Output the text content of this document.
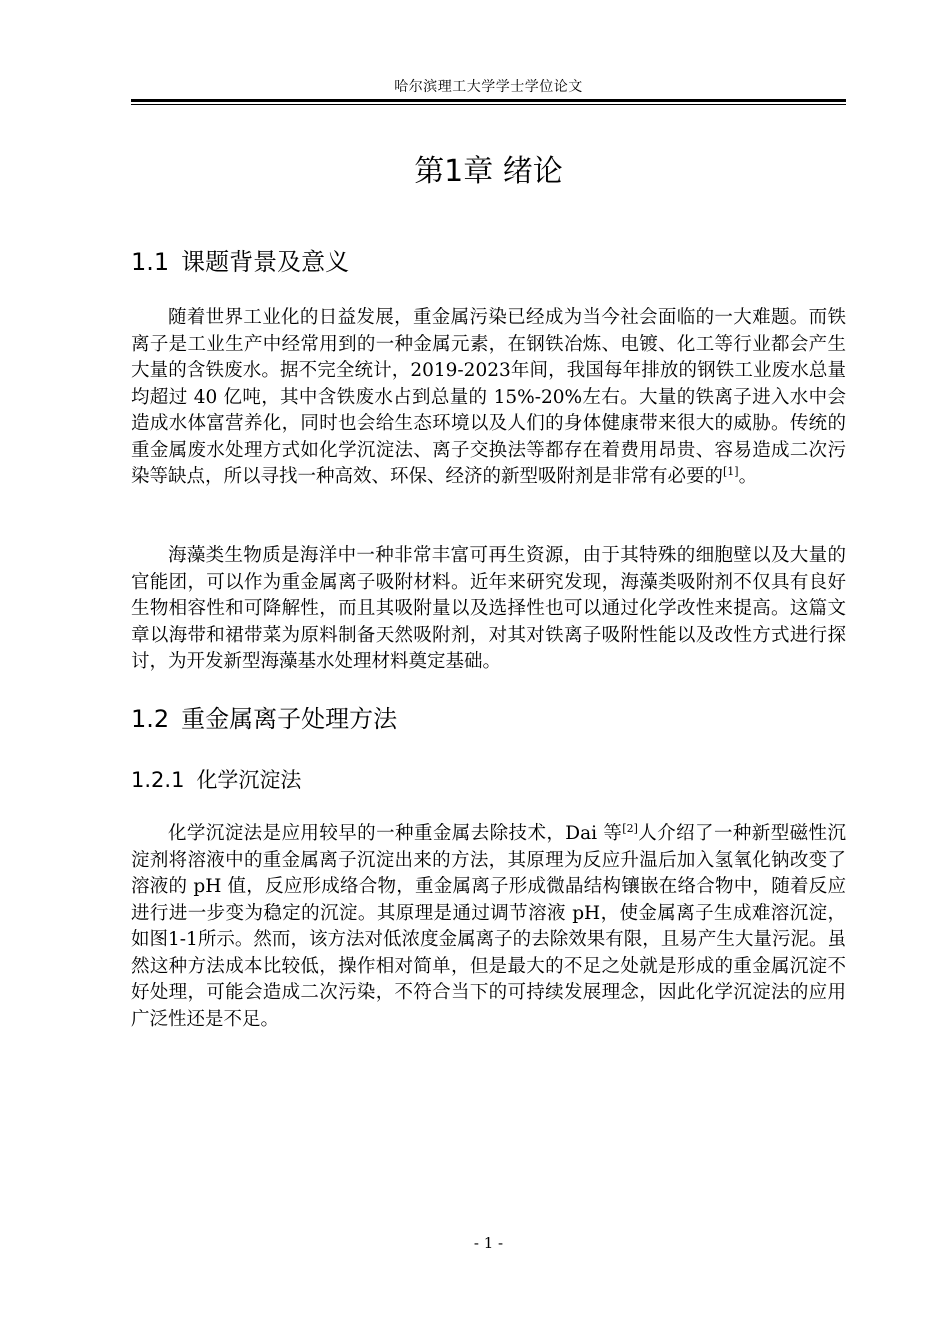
哈尔滨理工大学学士学位论文
第1章 绪论
1.1 课题背景及意义

随着世界工业化的日益发展，重金属污染已经成为当今社会面临的一大难题。而铁离子是工业生产中经常用到的一种金属元素，在钢铁冶炼、电镀、化工等行业都会产生大量的含铁废水。据不完全统计，2019-2023年间，我国每年排放的钢铁工业废水总量均超过 40 亿吨，其中含铁废水占到总量的 15%-20%左右。大量的铁离子进入水中会造成水体富营养化，同时也会给生态环境以及人们的身体健康带来很大的威胁。传统的重金属废水处理方式如化学沉淀法、离子交换法等都存在着费用昂贵、容易造成二次污染等缺点，所以寻找一种高效、环保、经济的新型吸附剂是非常有必要的[1]。

海藻类生物质是海洋中一种非常丰富可再生资源，由于其特殊的细胞壁以及大量的官能团，可以作为重金属离子吸附材料。近年来研究发现，海藻类吸附剂不仅具有良好生物相容性和可降解性，而且其吸附量以及选择性也可以通过化学改性来提高。这篇文章以海带和裙带菜为原料制备天然吸附剂，对其对铁离子吸附性能以及改性方式进行探讨，为开发新型海藻基水处理材料奠定基础。

1.2 重金属离子处理方法
1.2.1 化学沉淀法

化学沉淀法是应用较早的一种重金属去除技术，Dai 等[2]人介绍了一种新型磁性沉淀剂将溶液中的重金属离子沉淀出来的方法，其原理为反应升温后加入氢氧化钠改变了溶液的 pH 值，反应形成络合物，重金属离子形成微晶结构镶嵌在络合物中，随着反应进行进一步变为稳定的沉淀。其原理是通过调节溶液 pH，使金属离子生成难溶沉淀，如图1-1所示。然而，该方法对低浓度金属离子的去除效果有限，且易产生大量污泥。虽然这种方法成本比较低，操作相对简单，但是最大的不足之处就是形成的重金属沉淀不好处理，可能会造成二次污染，不符合当下的可持续发展理念，因此化学沉淀法的应用广泛性还是不足。

- 1 -
